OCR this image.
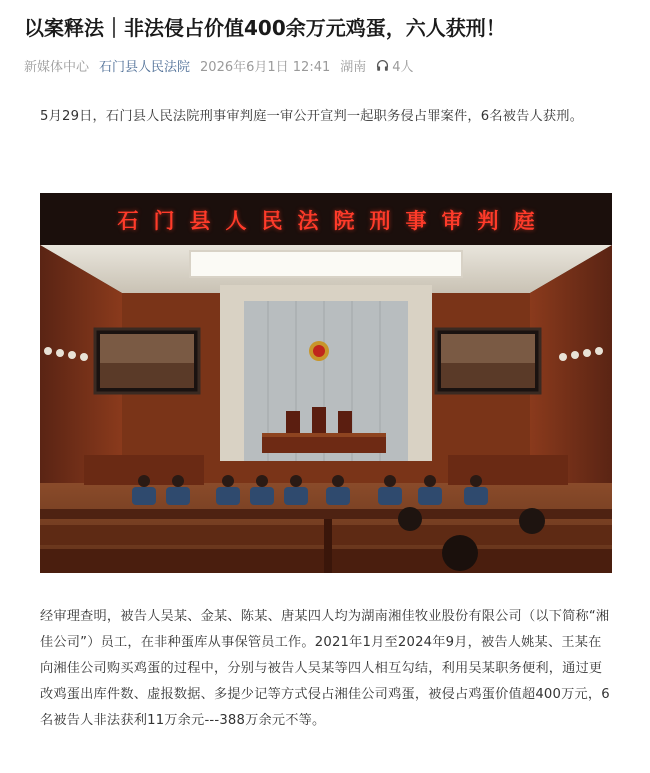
以案释法｜非法侵占价值400余万元鸡蛋，六人获刑！
新媒体中心 石门县人民法院 2026年6月1日 12:41 湖南 4人

5月29日，石门县人民法院刑事审判庭一审公开宣判一起职务侵占罪案件，6名被告人获刑。

石门县人民法院刑事审判庭

经审理查明，被告人吴某、金某、陈某、唐某四人均为湖南湘佳牧业股份有限公司（以下简称“湘佳公司”）员工，在非种蛋库从事保管员工作。2021年1月至2024年9月，被告人姚某、王某在向湘佳公司购买鸡蛋的过程中，分别与被告人吴某等四人相互勾结，利用吴某职务便利，通过更改鸡蛋出库件数、虚报数据、多提少记等方式侵占湘佳公司鸡蛋，被侵占鸡蛋价值超400万元，6名被告人非法获利11万余元---388万余元不等。
